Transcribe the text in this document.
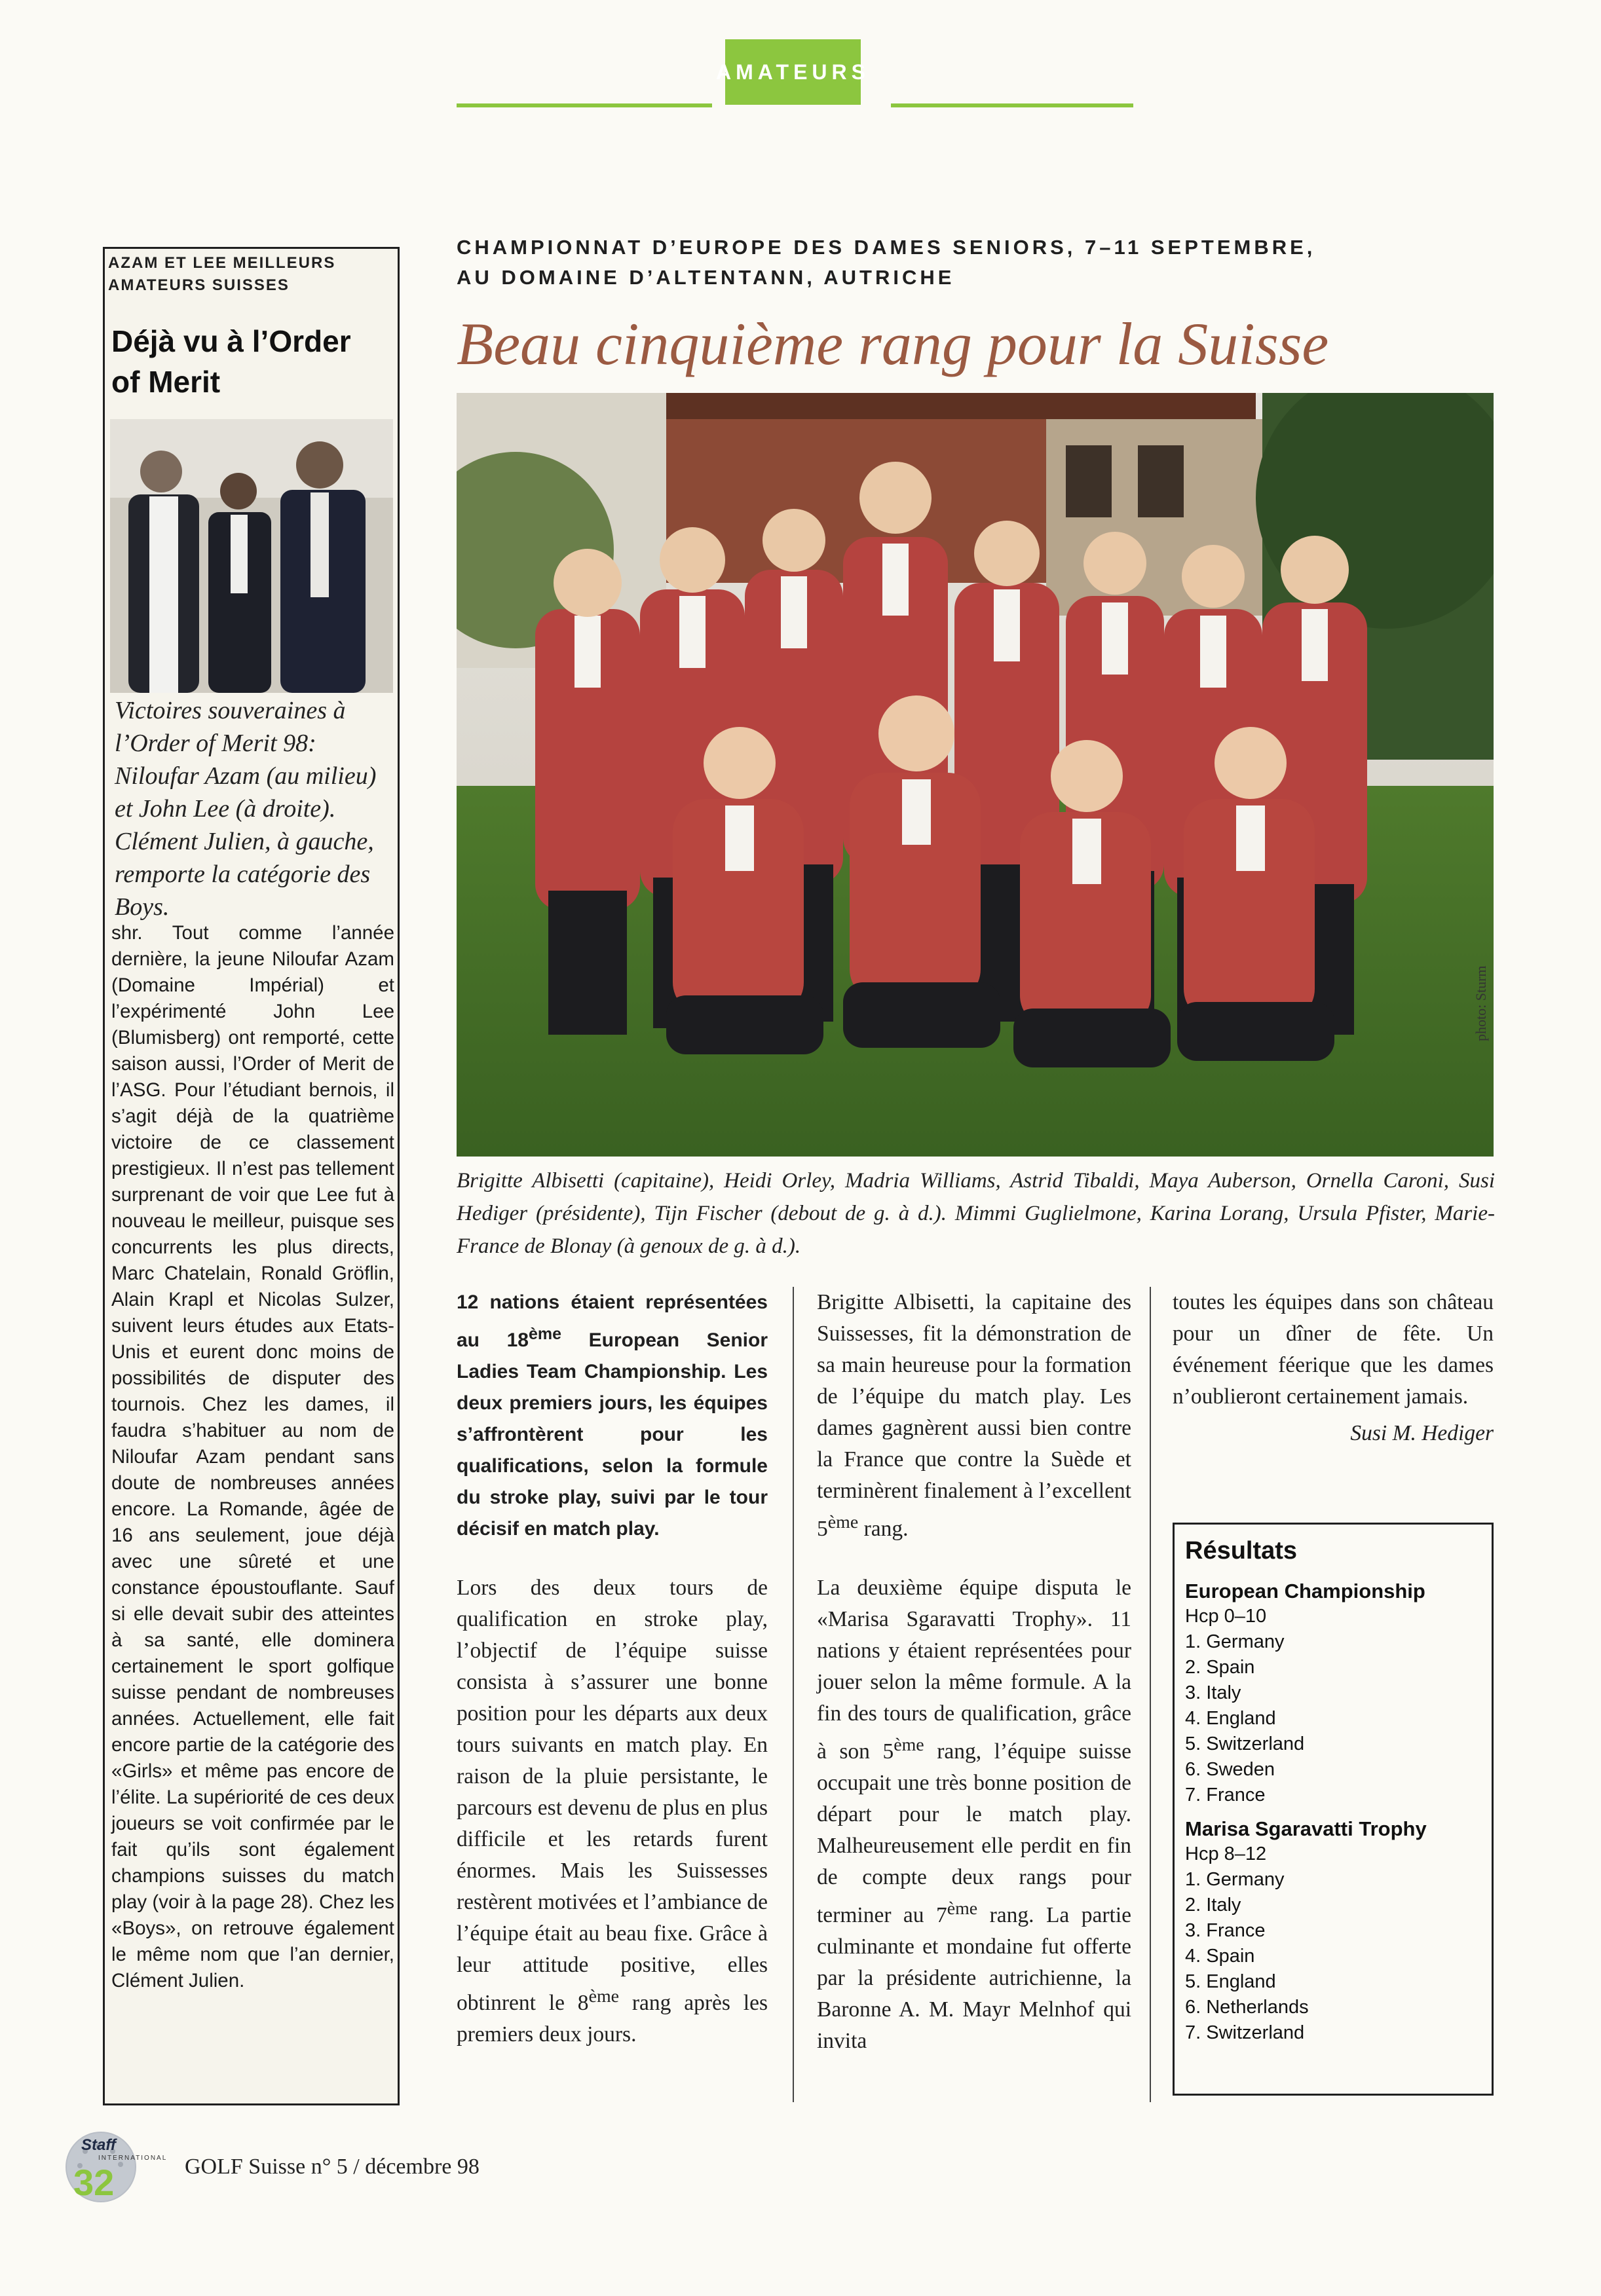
AMATEURS
AZAM ET LEE MEILLEURS AMATEURS SUISSES
Déjà vu à l’Order of Merit
Victoires souveraines à l’Order of Merit 98: Niloufar Azam (au milieu) et John Lee (à droite). Clément Julien, à gauche, remporte la catégorie des Boys.

shr. Tout comme l’année dernière, la jeune Niloufar Azam (Domaine Impérial) et l’expérimenté John Lee (Blumisberg) ont remporté, cette saison aussi, l’Order of Merit de l’ASG. Pour l’étudiant bernois, il s’agit déjà de la quatrième victoire de ce classement prestigieux. Il n’est pas tellement surprenant de voir que Lee fut à nouveau le meilleur, puisque ses concurrents les plus directs, Marc Chatelain, Ronald Gröflin, Alain Krapl et Nicolas Sulzer, suivent leurs études aux Etats-Unis et eurent donc moins de possibilités de disputer des tournois. Chez les dames, il faudra s’habituer au nom de Niloufar Azam pendant sans doute de nombreuses années encore. La Romande, âgée de 16 ans seulement, joue déjà avec une sûreté et une constance époustouflante. Sauf si elle devait subir des atteintes à sa santé, elle dominera certainement le sport golfique suisse pendant de nombreuses années. Actuellement, elle fait encore partie de la catégorie des «Girls» et même pas encore de l’élite. La supériorité de ces deux joueurs se voit confirmée par le fait qu’ils sont également champions suisses du match play (voir à la page 28). Chez les «Boys», on retrouve également le même nom que l’an dernier, Clément Julien.

CHAMPIONNAT D’EUROPE DES DAMES SENIORS, 7–11 SEPTEMBRE,
AU DOMAINE D’ALTENTANN, AUTRICHE
Beau cinquième rang pour la Suisse
photo: Sturm

Brigitte Albisetti (capitaine), Heidi Orley, Madria Williams, Astrid Tibaldi, Maya Auberson, Ornella Caroni, Susi Hediger (présidente), Tijn Fischer (debout de g. à d.). Mimmi Guglielmone, Karina Lorang, Ursula Pfister, Marie-France de Blonay (à genoux de g. à d.).

12 nations étaient représentées au 18ème European Senior Ladies Team Championship. Les deux premiers jours, les équipes s’affrontèrent pour les qualifications, selon la formule du stroke play, suivi par le tour décisif en match play.

Lors des deux tours de qualification en stroke play, l’objectif de l’équipe suisse consista à s’assurer une bonne position pour les départs aux deux tours suivants en match play. En raison de la pluie persistante, le parcours est devenu de plus en plus difficile et les retards furent énormes. Mais les Suissesses restèrent motivées et l’ambiance de l’équipe était au beau fixe. Grâce à leur attitude positive, elles obtinrent le 8ème rang après les premiers deux jours.

Brigitte Albisetti, la capitaine des Suissesses, fit la démonstration de sa main heureuse pour la formation de l’équipe du match play. Les dames gagnèrent aussi bien contre la France que contre la Suède et terminèrent finalement à l’excellent 5ème rang.

La deuxième équipe disputa le «Marisa Sgaravatti Trophy». 11 nations y étaient représentées pour jouer selon la même formule. A la fin des tours de qualification, grâce à son 5ème rang, l’équipe suisse occupait une très bonne position de départ pour le match play. Malheureusement elle perdit en fin de compte deux rangs pour terminer au 7ème rang. La partie culminante et mondaine fut offerte par la présidente autrichienne, la Baronne A. M. Mayr Melnhof qui invita

toutes les équipes dans son château pour un dîner de fête. Un événement féerique que les dames n’oublieront certainement jamais.

Susi M. Hediger

Résultats
European Championship
Hcp 0–10
1. Germany
2. Spain
3. Italy
4. England
5. Switzerland
6. Sweden
7. France
Marisa Sgaravatti Trophy
Hcp 8–12
1. Germany
2. Italy
3. France
4. Spain
5. England
6. Netherlands
7. Switzerland
Staff
INTERNATIONAL
32	GOLF Suisse n° 5 / décembre 98
